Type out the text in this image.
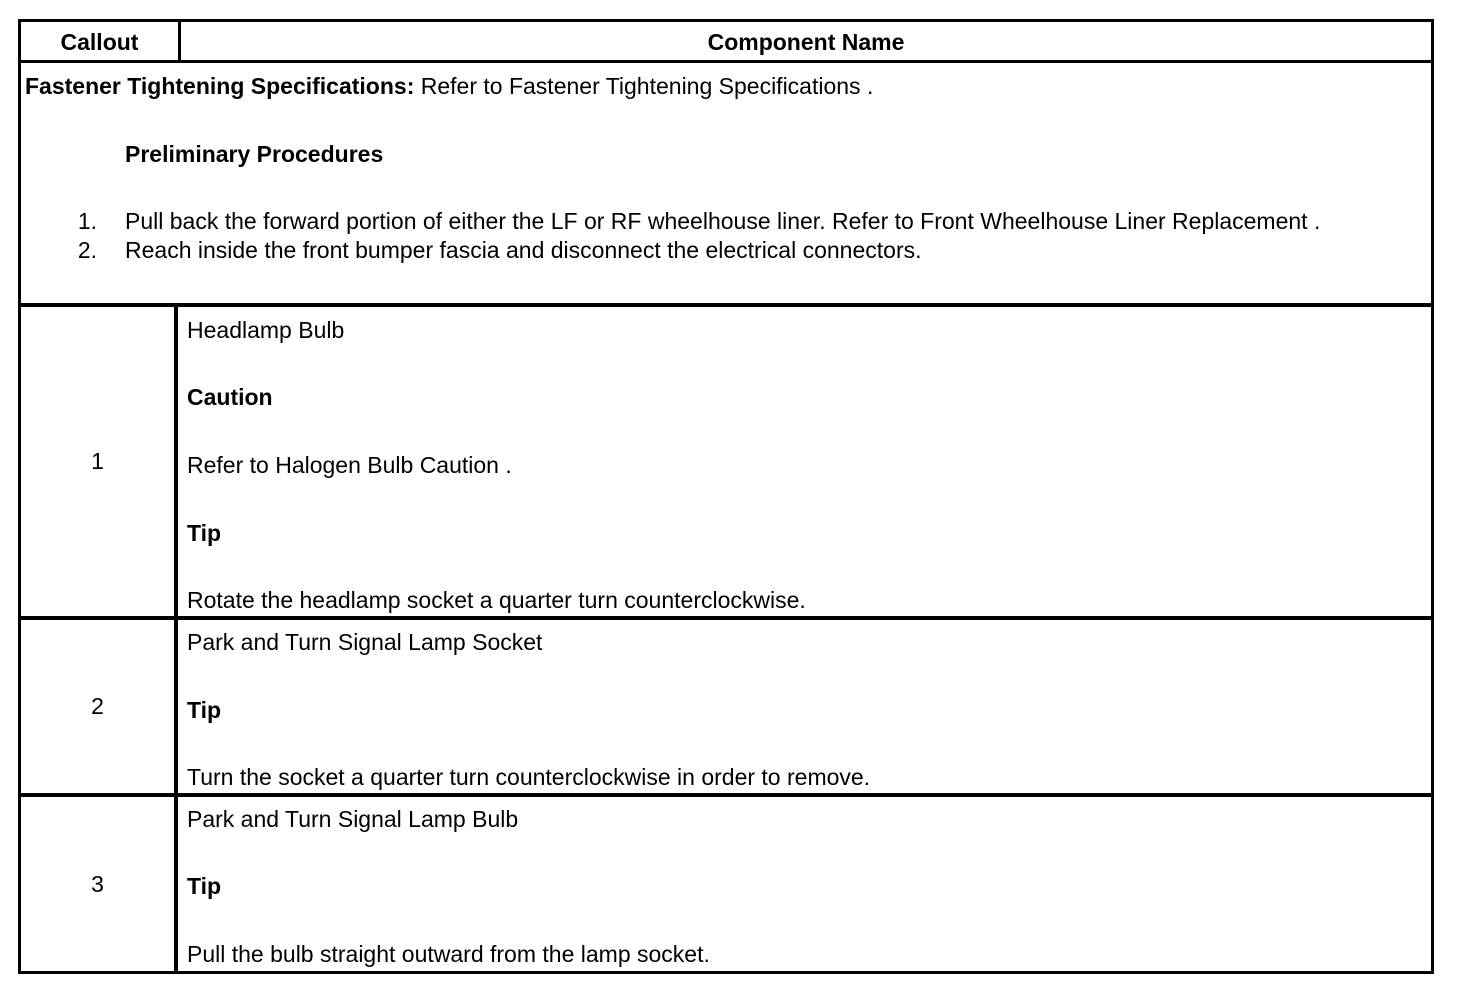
Callout	Component Name
Fastener Tightening Specifications: Refer to Fastener Tightening Specifications .
Preliminary Procedures
1. Pull back the forward portion of either the LF or RF wheelhouse liner. Refer to Front Wheelhouse Liner Replacement .
2. Reach inside the front bumper fascia and disconnect the electrical connectors.
1
Headlamp Bulb
Caution
Refer to Halogen Bulb Caution .
Tip
Rotate the headlamp socket a quarter turn counterclockwise.
2
Park and Turn Signal Lamp Socket
Tip
Turn the socket a quarter turn counterclockwise in order to remove.
3
Park and Turn Signal Lamp Bulb
Tip
Pull the bulb straight outward from the lamp socket.
